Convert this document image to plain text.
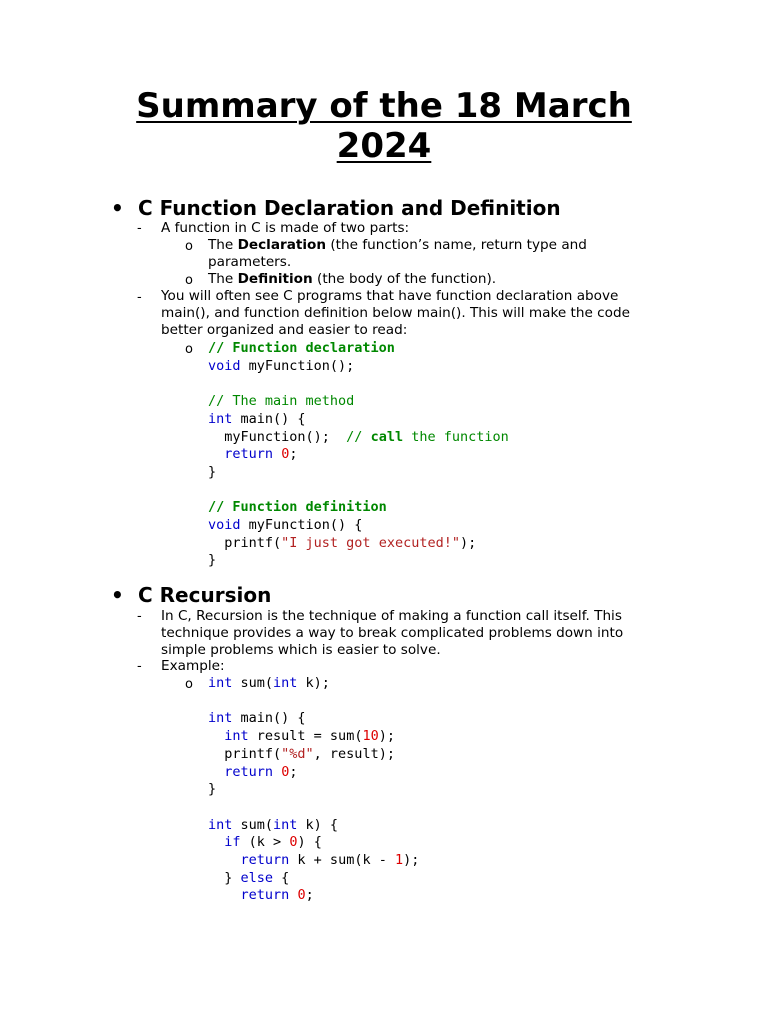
Summary of the 18 March 2024
• C Function Declaration and Definition
- A function in C is made of two parts:
o The Declaration (the function’s name, return type and parameters.
o The Definition (the body of the function).
- You will often see C programs that have function declaration above main(), and function definition below main(). This will make the code better organized and easier to read:
o // Function declaration
void myFunction();

// The main method
int main() {
myFunction();  // call the function
return 0;
}

// Function definition
void myFunction() {
printf("I just got executed!");
}
• C Recursion
- In C, Recursion is the technique of making a function call itself. This technique provides a way to break complicated problems down into simple problems which is easier to solve.
- Example:
o int sum(int k);

int main() {
int result = sum(10);
printf("%d", result);
return 0;
}

int sum(int k) {
if (k > 0) {
return k + sum(k - 1);
} else {
return 0;
